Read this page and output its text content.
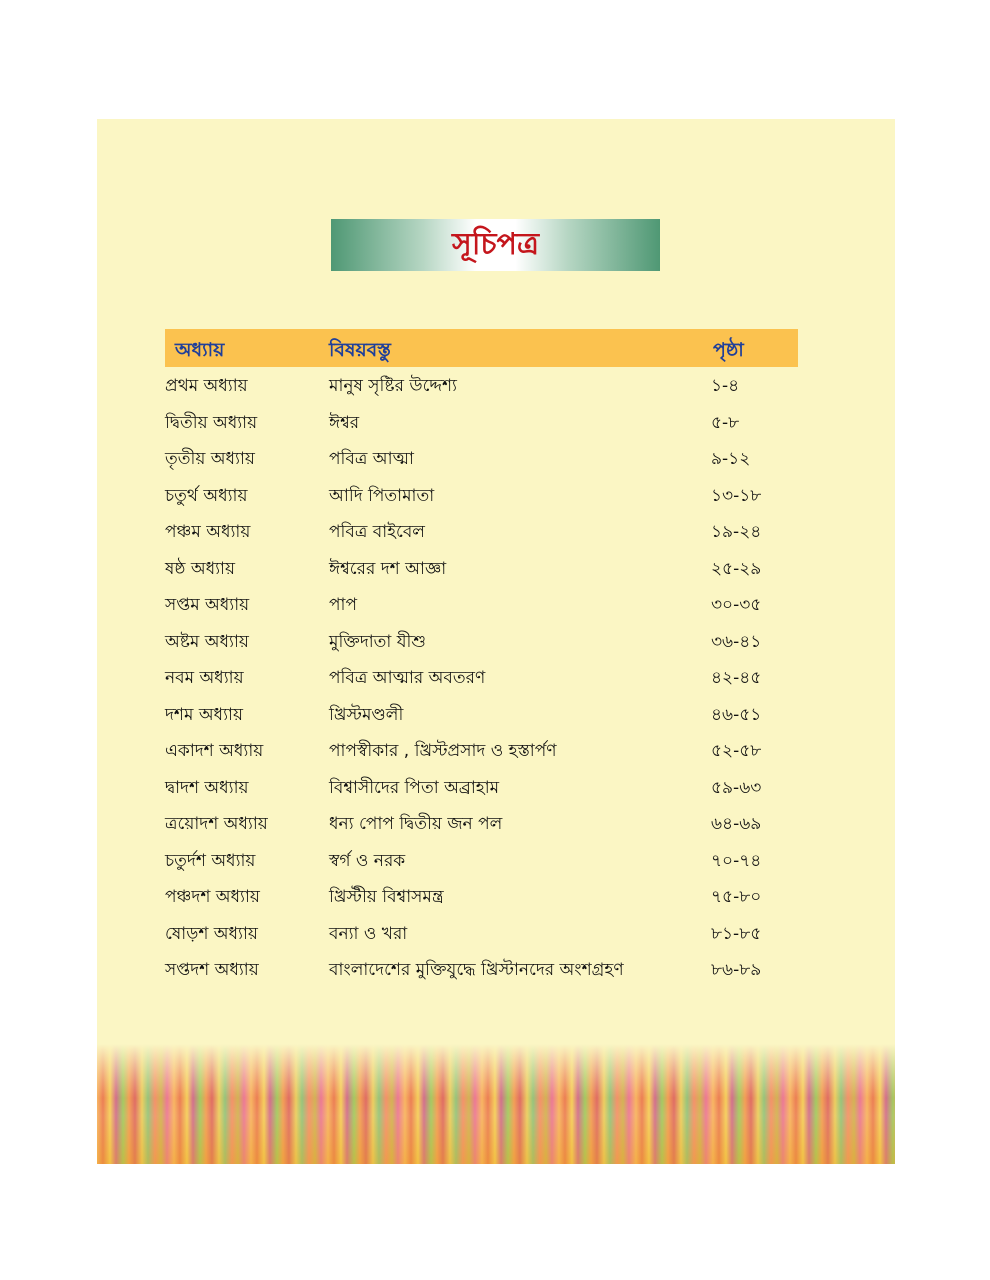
সূচিপত্র
অধ্যায়	বিষয়বস্তু	পৃষ্ঠা
প্রথম অধ্যায়	মানুষ সৃষ্টির উদ্দেশ্য	১-৪
দ্বিতীয় অধ্যায়	ঈশ্বর	৫-৮
তৃতীয় অধ্যায়	পবিত্র আত্মা	৯-১২
চতুর্থ অধ্যায়	আদি পিতামাতা	১৩-১৮
পঞ্চম অধ্যায়	পবিত্র বাইবেল	১৯-২৪
ষষ্ঠ অধ্যায়	ঈশ্বরের দশ আজ্ঞা	২৫-২৯
সপ্তম অধ্যায়	পাপ	৩০-৩৫
অষ্টম অধ্যায়	মুক্তিদাতা যীশু	৩৬-৪১
নবম অধ্যায়	পবিত্র আত্মার অবতরণ	৪২-৪৫
দশম অধ্যায়	খ্রিস্টমণ্ডলী	৪৬-৫১
একাদশ অধ্যায়	পাপস্বীকার , খ্রিস্টপ্রসাদ ও হস্তার্পণ	৫২-৫৮
দ্বাদশ অধ্যায়	বিশ্বাসীদের পিতা অব্রাহাম	৫৯-৬৩
ত্রয়োদশ অধ্যায়	ধন্য পোপ দ্বিতীয় জন পল	৬৪-৬৯
চতুর্দশ অধ্যায়	স্বর্গ ও নরক	৭০-৭৪
পঞ্চদশ অধ্যায়	খ্রিস্টীয় বিশ্বাসমন্ত্র	৭৫-৮০
ষোড়শ অধ্যায়	বন্যা ও খরা	৮১-৮৫
সপ্তদশ অধ্যায়	বাংলাদেশের মুক্তিযুদ্ধে খ্রিস্টানদের অংশগ্রহণ	৮৬-৮৯
